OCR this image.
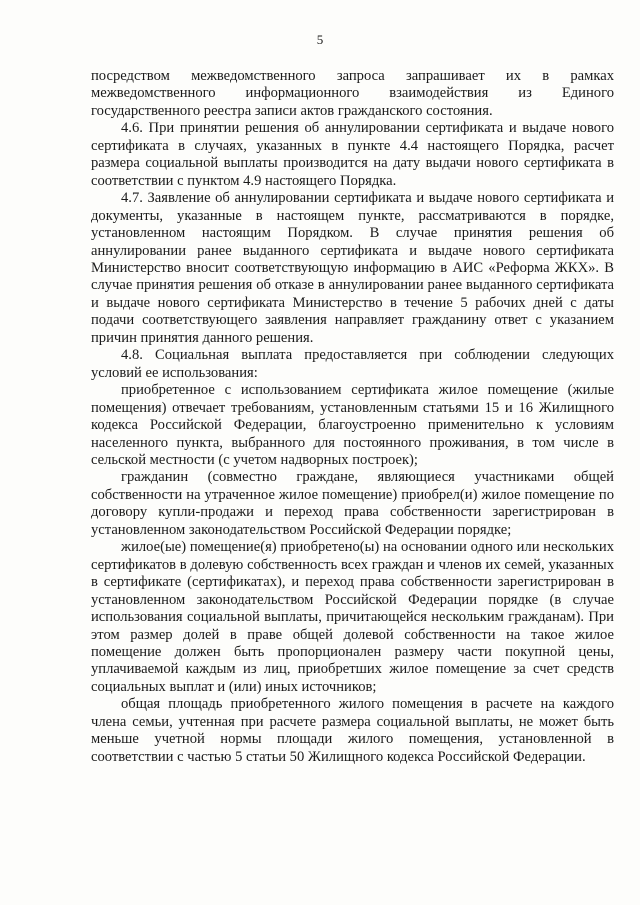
5

посредством межведомственного запроса запрашивает их в рамках межведомственного информационного взаимодействия из Единого государственного реестра записи актов гражданского состояния.

4.6. При принятии решения об аннулировании сертификата и выдаче нового сертификата в случаях, указанных в пункте 4.4 настоящего Порядка, расчет размера социальной выплаты производится на дату выдачи нового сертификата в соответствии с пунктом 4.9 настоящего Порядка.

4.7. Заявление об аннулировании сертификата и выдаче нового сертификата и документы, указанные в настоящем пункте, рассматриваются в порядке, установленном настоящим Порядком. В случае принятия решения об аннулировании ранее выданного сертификата и выдаче нового сертификата Министерство вносит соответствующую информацию в АИС «Реформа ЖКХ». В случае принятия решения об отказе в аннулировании ранее выданного сертификата и выдаче нового сертификата Министерство в течение 5 рабочих дней с даты подачи соответствующего заявления направляет гражданину ответ с указанием причин принятия данного решения.

4.8. Социальная выплата предоставляется при соблюдении следующих условий ее использования:

приобретенное с использованием сертификата жилое помещение (жилые помещения) отвечает требованиям, установленным статьями 15 и 16 Жилищного кодекса Российской Федерации, благоустроенно применительно к условиям населенного пункта, выбранного для постоянного проживания, в том числе в сельской местности (с учетом надворных построек);

гражданин (совместно граждане, являющиеся участниками общей собственности на утраченное жилое помещение) приобрел(и) жилое помещение по договору купли-продажи и переход права собственности зарегистрирован в установленном законодательством Российской Федерации порядке;

жилое(ые) помещение(я) приобретено(ы) на основании одного или нескольких сертификатов в долевую собственность всех граждан и членов их семей, указанных в сертификате (сертификатах), и переход права собственности зарегистрирован в установленном законодательством Российской Федерации порядке (в случае использования социальной выплаты, причитающейся нескольким гражданам). При этом размер долей в праве общей долевой собственности на такое жилое помещение должен быть пропорционален размеру части покупной цены, уплачиваемой каждым из лиц, приобретших жилое помещение за счет средств социальных выплат и (или) иных источников;

общая площадь приобретенного жилого помещения в расчете на каждого члена семьи, учтенная при расчете размера социальной выплаты, не может быть меньше учетной нормы площади жилого помещения, установленной в соответствии с частью 5 статьи 50 Жилищного кодекса Российской Федерации.
